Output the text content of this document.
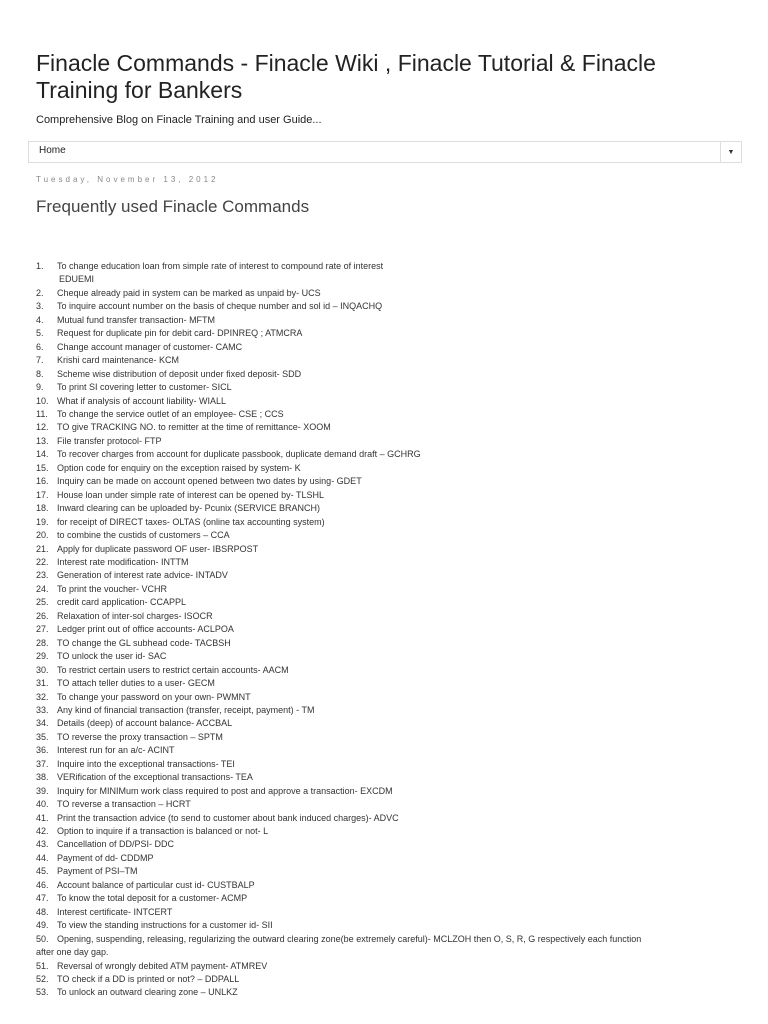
Finacle Commands - Finacle Wiki , Finacle Tutorial & Finacle Training for Bankers
Comprehensive Blog on Finacle Training and user Guide...
Home	▼
Tuesday, November 13, 2012
Frequently used Finacle Commands
1.	To change education loan from simple rate of interest to compound rate of interest
EDUEMI
2.	Cheque already paid in system can be marked as unpaid by- UCS
3.	To inquire account number on the basis of cheque number and sol id – INQACHQ
4.	Mutual fund transfer transaction- MFTM
5.	Request for duplicate pin for debit card- DPINREQ ; ATMCRA
6.	Change account manager of customer- CAMC
7.	Krishi card maintenance- KCM
8.	Scheme wise distribution of deposit under fixed deposit- SDD
9.	To print SI covering letter to customer- SICL
10. What if analysis of account liability- WIALL
11.	To change the service outlet of an employee- CSE ; CCS
12. TO give TRACKING NO. to remitter at the time of remittance- XOOM
13. File transfer protocol- FTP
14. To recover charges from account for duplicate passbook, duplicate demand draft – GCHRG
15. Option code for enquiry on the exception raised by system- K
16. Inquiry can be made on account opened between two dates by using- GDET
17. House loan under simple rate of interest can be opened by- TLSHL
18. Inward clearing can be uploaded by- Pcunix (SERVICE BRANCH)
19. for receipt of DIRECT taxes- OLTAS (online tax accounting system)
20. to combine the custids of customers – CCA
21. Apply for duplicate password OF user- IBSRPOST
22. Interest rate modification- INTTM
23. Generation of interest rate advice- INTADV
24. To print the voucher- VCHR
25. credit card application- CCAPPL
26. Relaxation of inter-sol charges- ISOCR
27. Ledger print out of office accounts- ACLPOA
28. TO change the GL subhead code- TACBSH
29. TO unlock the user id- SAC
30. To restrict certain users to restrict certain accounts- AACM
31. TO attach teller duties to a user- GECM
32. To change your password on your own- PWMNT
33. Any kind of financial transaction (transfer, receipt, payment) - TM
34. Details (deep) of account balance- ACCBAL
35. TO reverse the proxy transaction – SPTM
36. Interest run for an a/c- ACINT
37. Inquire into the exceptional transactions- TEI
38. VERification of the exceptional transactions- TEA
39. Inquiry for MINIMum work class required to post and approve a transaction- EXCDM
40. TO reverse a transaction – HCRT
41. Print the transaction advice (to send to customer about bank induced charges)- ADVC
42. Option to inquire if a transaction is balanced or not- L
43. Cancellation of DD/PSI- DDC
44. Payment of dd- CDDMP
45. Payment of PSI–TM
46. Account balance of particular cust id- CUSTBALP
47. To know the total deposit for a customer- ACMP
48. Interest certificate- INTCERT
49. To view the standing instructions for a customer id- SII
50. Opening, suspending, releasing, regularizing the outward clearing zone(be extremely careful)- MCLZOH then O, S, R, G respectively each function
after one day gap.
51. Reversal of wrongly debited ATM payment- ATMREV
52. TO check if a DD is printed or not? – DDPALL
53. To unlock an outward clearing zone – UNLKZ
